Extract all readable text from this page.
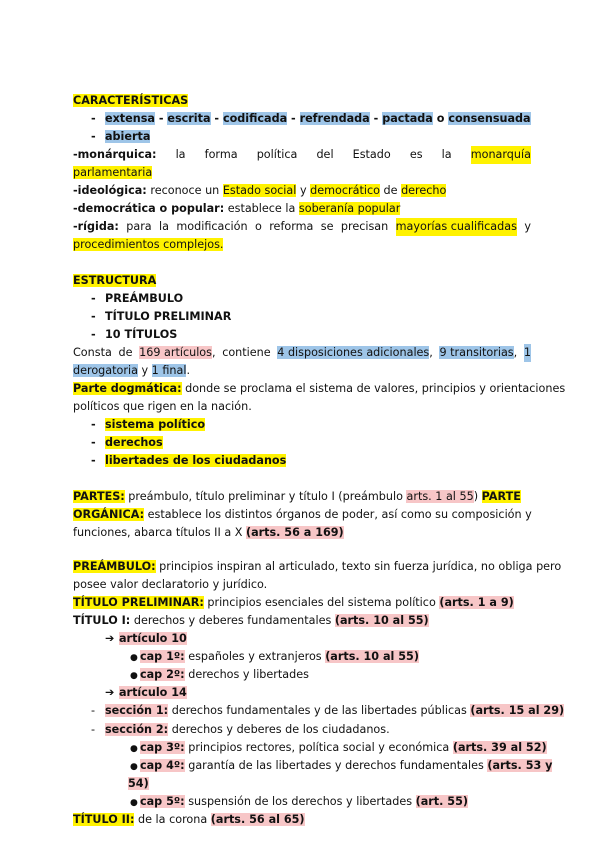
CARACTERÍSTICAS
- extensa - escrita - codificada - refrendada - pactada o consensuada
- abierta
-monárquica: la forma política del Estado es la monarquía
parlamentaria
-ideológica: reconoce un Estado social y democrático de derecho
-democrática o popular: establece la soberanía popular
-rígida: para la modificación o reforma se precisan mayorías cualificadas y
procedimientos complejos.
ESTRUCTURA
- PREÁMBULO
- TÍTULO PRELIMINAR
- 10 TÍTULOS
Consta de 169 artículos, contiene 4 disposiciones adicionales, 9 transitorias, 1
derogatoria y 1 final.
Parte dogmática: donde se proclama el sistema de valores, principios y orientaciones
políticos que rigen en la nación.
- sistema político
- derechos
- libertades de los ciudadanos
PARTES: preámbulo, título preliminar y título I (preámbulo arts. 1 al 55) PARTE
ORGÁNICA: establece los distintos órganos de poder, así como su composición y
funciones, abarca títulos II a X (arts. 56 a 169)
PREÁMBULO: principios inspiran al articulado, texto sin fuerza jurídica, no obliga pero
posee valor declaratorio y jurídico.
TÍTULO PRELIMINAR: principios esenciales del sistema político (arts. 1 a 9)
TÍTULO I: derechos y deberes fundamentales (arts. 10 al 55)
➔ artículo 10
● cap 1º: españoles y extranjeros (arts. 10 al 55)
● cap 2º: derechos y libertades
➔ artículo 14
- sección 1: derechos fundamentales y de las libertades públicas (arts. 15 al 29)
- sección 2: derechos y deberes de los ciudadanos.
● cap 3º: principios rectores, política social y económica (arts. 39 al 52)
● cap 4º: garantía de las libertades y derechos fundamentales (arts. 53 y
54)
● cap 5º: suspensión de los derechos y libertades (art. 55)
TÍTULO II: de la corona (arts. 56 al 65)
